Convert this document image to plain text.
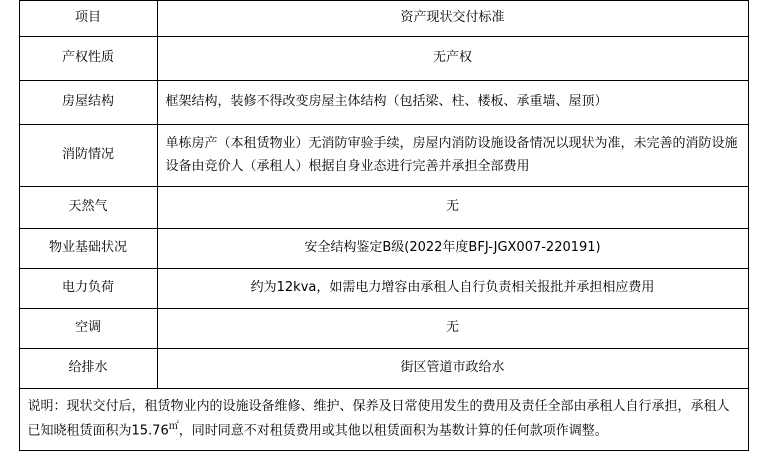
项目	资产现状交付标准
产权性质	无产权
房屋结构	框架结构，装修不得改变房屋主体结构（包括梁、柱、楼板、承重墙、屋顶）
消防情况	单栋房产（本租赁物业）无消防审验手续，房屋内消防设施设备情况以现状为准，未完善的消防设施设备由竞价人（承租人）根据自身业态进行完善并承担全部费用
天然气	无
物业基础状况	安全结构鉴定B级(2022年度BFJ-JGX007-220191)
电力负荷	约为12kva，如需电力增容由承租人自行负责相关报批并承担相应费用
空调	无
给排水	街区管道市政给水
说明：现状交付后，租赁物业内的设施设备维修、维护、保养及日常使用发生的费用及责任全部由承租人自行承担，承租人已知晓租赁面积为15.76㎡，同时同意不对租赁费用或其他以租赁面积为基数计算的任何款项作调整。	
